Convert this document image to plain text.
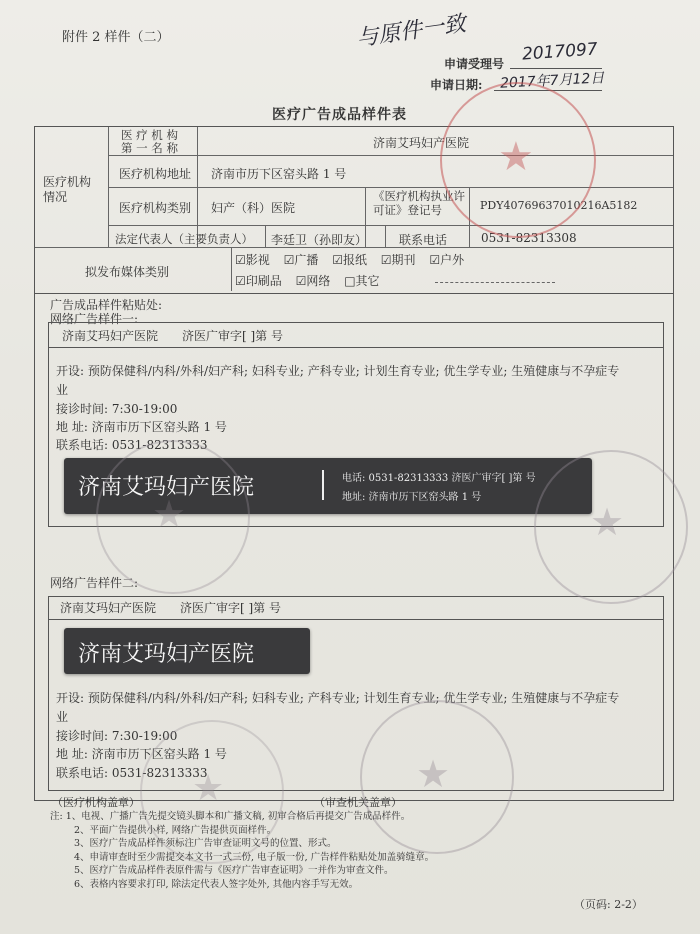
附件 2 样件（二）	与原件一致
申请受理号 2017097
申请日期: 2017年7月12日
医疗广告成品样件表
医疗机构情况
医 疗 机 构 第 一 名 称	济南艾玛妇产医院
医疗机构地址 济南市历下区窑头路 1 号
医疗机构类别 妇产（科）医院
《医疗机构执业许可证》登记号	PDY40769637010216A5182
法定代表人（主要负责人） 李廷卫（孙即友）	联系电话	0531-82313308
拟发布媒体类别
☑影视 ☑广播 ☑报纸 ☑期刊 ☑户外
☑印刷品 ☑网络 □其它
广告成品样件粘贴处:
网络广告样件一:
济南艾玛妇产医院 济医广审字[ ]第 号
开设: 预防保健科/内科/外科/妇产科; 妇科专业; 产科专业; 计划生育专业; 优生学专业; 生殖健康与不孕症专
业
接诊时间: 7:30-19:00
地 址: 济南市历下区窑头路 1 号
联系电话: 0531-82313333
济南艾玛妇产医院	电话: 0531-82313333 济医广审字[ ]第 号
地址: 济南市历下区窑头路 1 号
网络广告样件二:
济南艾玛妇产医院 济医广审字[ ]第 号
济南艾玛妇产医院
开设: 预防保健科/内科/外科/妇产科; 妇科专业; 产科专业; 计划生育专业; 优生学专业; 生殖健康与不孕症专
业
接诊时间: 7:30-19:00
地 址: 济南市历下区窑头路 1 号
联系电话: 0531-82313333
（医疗机构盖章）	（审查机关盖章）
★
★	★
★
★
注: 1、电视、广播广告先提交镜头脚本和广播文稿, 初审合格后再提交广告成品样件。
2、平面广告提供小样, 网络广告提供页面样件。
3、医疗广告成品样件须标注广告审查证明文号的位置、形式。
4、申请审查时至少需提交本文书一式三份, 电子版一份, 广告样件粘贴处加盖骑缝章。
5、医疗广告成品样件表原件需与《医疗广告审查证明》一并作为审查文件。
6、表格内容要求打印, 除法定代表人签字处外, 其他内容手写无效。
（页码: 2-2）
